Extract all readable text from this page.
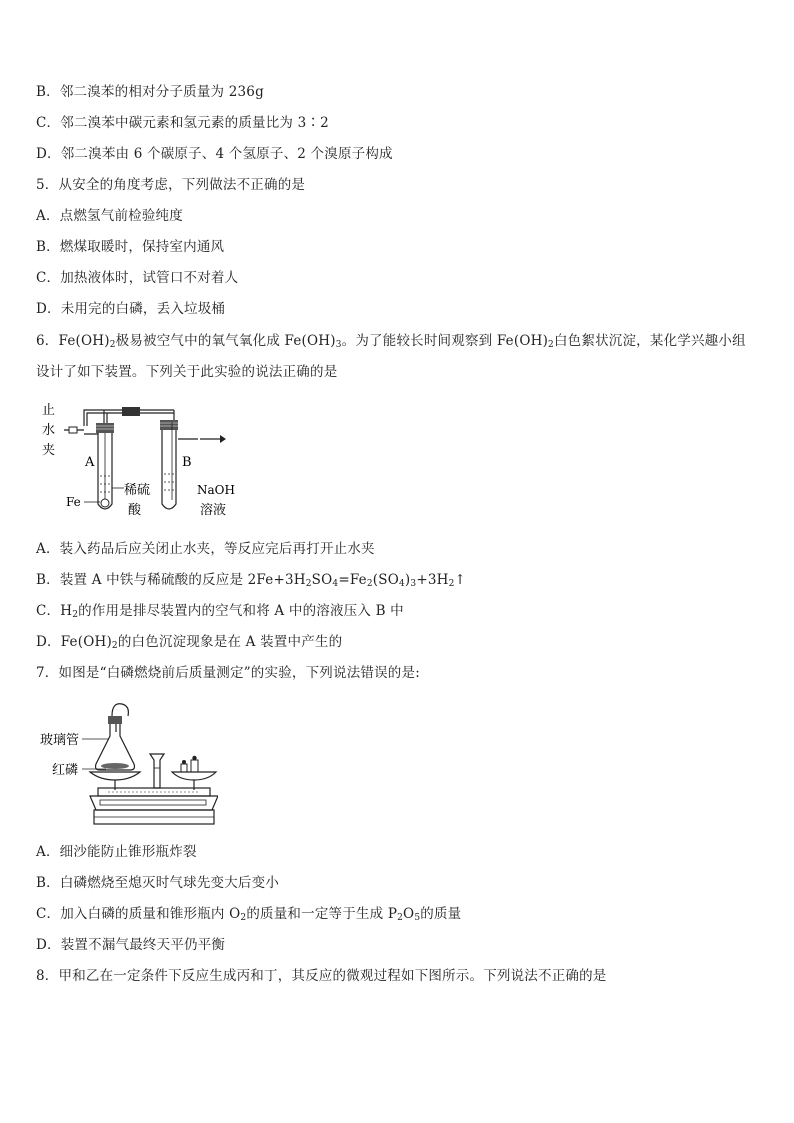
B．邻二溴苯的相对分子质量为 236g
C．邻二溴苯中碳元素和氢元素的质量比为 3∶2
D．邻二溴苯由 6 个碳原子、4 个氢原子、2 个溴原子构成
5．从安全的角度考虑，下列做法不正确的是
A．点燃氢气前检验纯度
B．燃煤取暖时，保持室内通风
C．加热液体时，试管口不对着人
D．未用完的白磷，丢入垃圾桶
6．$Fe(OH)_2$极易被空气中的氧气氧化成 $Fe(OH)_3$。为了能较长时间观察到 $Fe(OH)_2$白色絮状沉淀，某化学兴趣小组设计了如下装置。下列关于此实验的说法正确的是
止
水
夹
A	B
Fe
稀硫
酸
NaOH
溶液
A．装入药品后应关闭止水夹，等反应完后再打开止水夹
B．装置 A 中铁与稀硫酸的反应是 $2Fe+3H_2SO_4=Fe_2(SO_4)_3+3H_2↑$
C．$H_2$的作用是排尽装置内的空气和将 A 中的溶液压入 B 中
D．$Fe(OH)_2$的白色沉淀现象是在 A 装置中产生的
7．如图是“白磷燃烧前后质量测定”的实验，下列说法错误的是:
玻璃管
红磷
A．细沙能防止锥形瓶炸裂
B．白磷燃烧至熄灭时气球先变大后变小
C．加入白磷的质量和锥形瓶内 $O_2$的质量和一定等于生成 $P_2O_5$的质量
D．装置不漏气最终天平仍平衡
8．甲和乙在一定条件下反应生成丙和丁，其反应的微观过程如下图所示。下列说法不正确的是
